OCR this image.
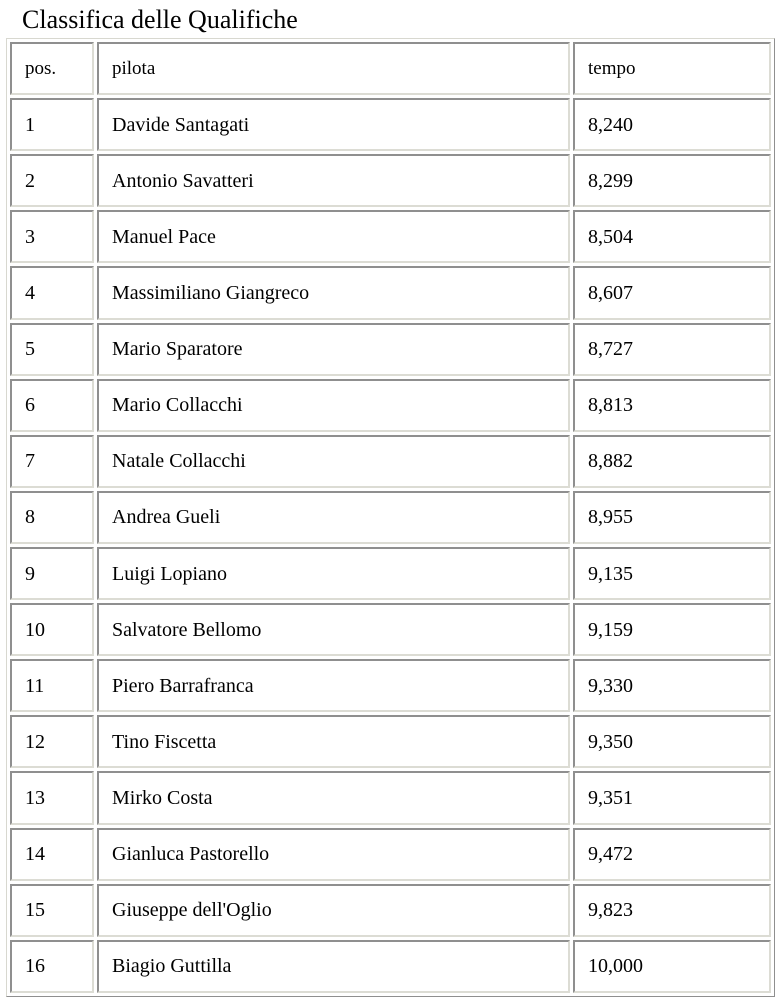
Classifica delle Qualifiche
pos.	pilota	tempo
1	Davide Santagati	8,240
2	Antonio Savatteri	8,299
3	Manuel Pace	8,504
4	Massimiliano Giangreco	8,607
5	Mario Sparatore	8,727
6	Mario Collacchi	8,813
7	Natale Collacchi	8,882
8	Andrea Gueli	8,955
9	Luigi Lopiano	9,135
10	Salvatore Bellomo	9,159
11	Piero Barrafranca	9,330
12	Tino Fiscetta	9,350
13	Mirko Costa	9,351
14	Gianluca Pastorello	9,472
15	Giuseppe dell'Oglio	9,823
16	Biagio Guttilla	10,000
